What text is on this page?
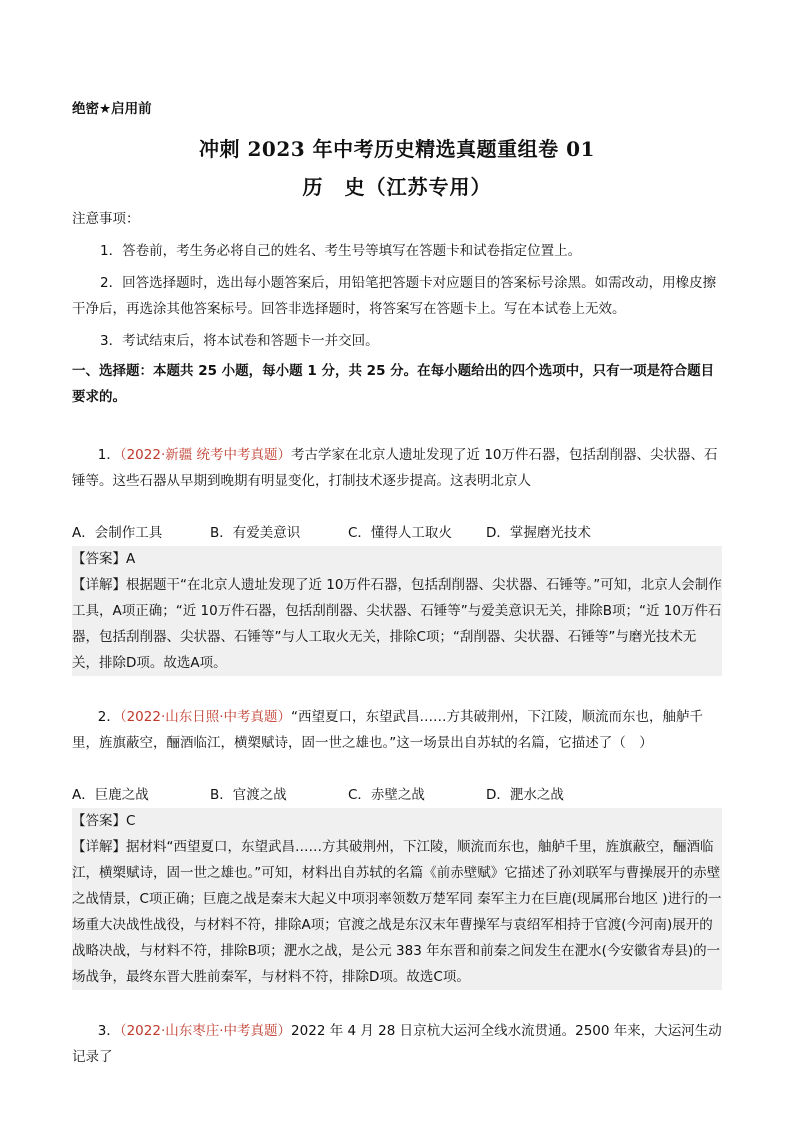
绝密★启用前

冲刺 2023 年中考历史精选真题重组卷 01

历　史（江苏专用）

注意事项：

1．答卷前，考生务必将自己的姓名、考生号等填写在答题卡和试卷指定位置上。

2．回答选择题时，选出每小题答案后，用铅笔把答题卡对应题目的答案标号涂黑。如需改动，用橡皮擦干净后，再选涂其他答案标号。回答非选择题时，将答案写在答题卡上。写在本试卷上无效。

3．考试结束后，将本试卷和答题卡一并交回。

一、选择题：本题共 25 小题，每小题 1 分，共 25 分。在每小题给出的四个选项中，只有一项是符合题目要求的。

1．（2022·新疆 统考中考真题）考古学家在北京人遗址发现了近 10万件石器，包括刮削器、尖状器、石锤等。这些石器从早期到晚期有明显变化，打制技术逐步提高。这表明北京人

A．会制作工具	B．有爱美意识	C．懂得人工取火	D．掌握磨光技术

【答案】A

【详解】根据题干“在北京人遗址发现了近 10万件石器，包括刮削器、尖状器、石锤等。”可知，北京人会制作工具，A项正确；“近 10万件石器，包括刮削器、尖状器、石锤等”与爱美意识无关，排除B项；“近 10万件石器，包括刮削器、尖状器、石锤等”与人工取火无关，排除C项；“刮削器、尖状器、石锤等”与磨光技术无关，排除D项。故选A项。

2．（2022·山东日照·中考真题）“西望夏口，东望武昌……方其破荆州，下江陵，顺流而东也，舳舻千里，旌旗蔽空，酾酒临江，横槊赋诗，固一世之雄也。”这一场景出自苏轼的名篇，它描述了（　）

A．巨鹿之战	B．官渡之战	C．赤壁之战	D．淝水之战

【答案】C

【详解】据材料“西望夏口，东望武昌……方其破荆州，下江陵，顺流而东也，舳舻千里，旌旗蔽空，酾酒临江，横槊赋诗，固一世之雄也。”可知，材料出自苏轼的名篇《前赤壁赋》它描述了孙刘联军与曹操展开的赤壁之战情景，C项正确；巨鹿之战是秦末大起义中项羽率领数万楚军同 秦军主力在巨鹿(现属邢台地区 )进行的一场重大决战性战役，与材料不符，排除A项；官渡之战是东汉末年曹操军与袁绍军相持于官渡(今河南)展开的战略决战，与材料不符，排除B项；淝水之战，是公元 383 年东晋和前秦之间发生在淝水(今安徽省寿县)的一场战争，最终东晋大胜前秦军，与材料不符，排除D项。故选C项。

3．（2022·山东枣庄·中考真题）2022 年 4 月 28 日京杭大运河全线水流贯通。2500 年来，大运河生动记录了
